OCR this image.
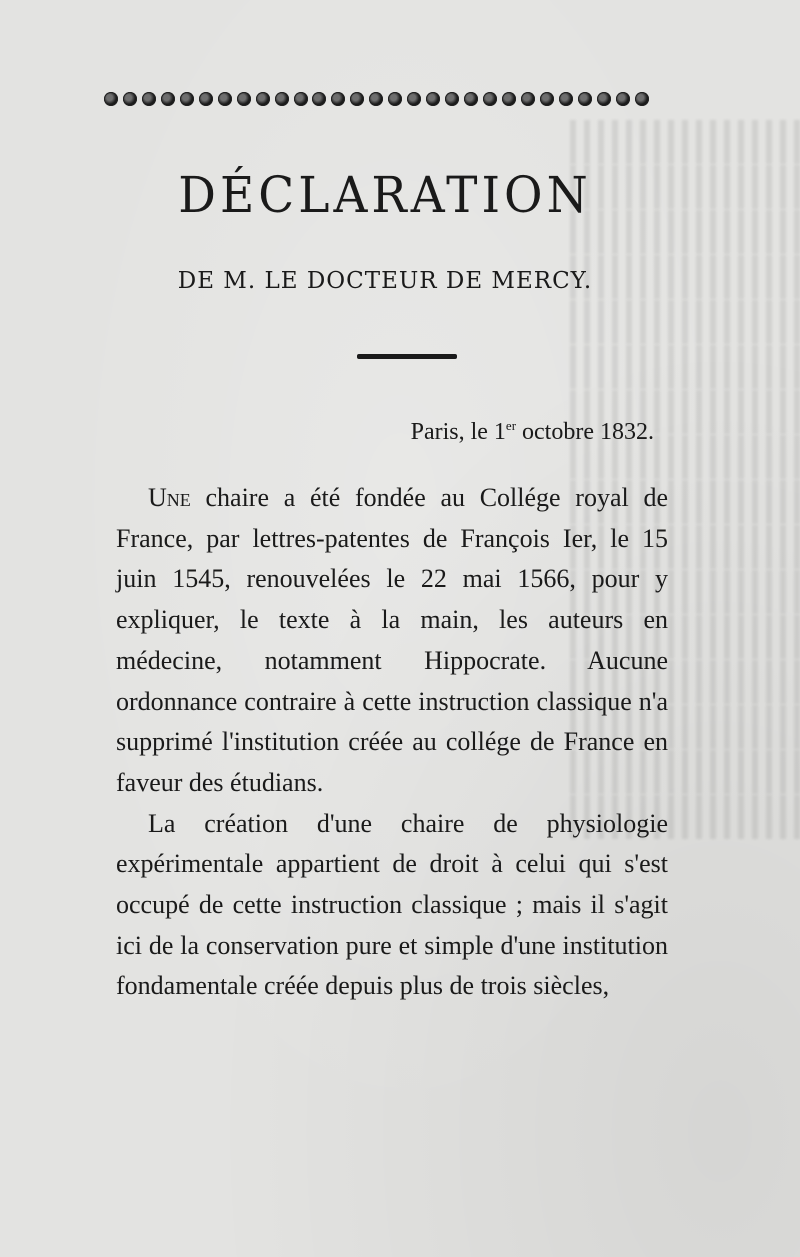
DÉCLARATION
DE M. LE DOCTEUR DE MERCY.
Paris, le 1er octobre 1832.

Une chaire a été fondée au Collége royal de France, par lettres-patentes de François Ier, le 15 juin 1545, renouvelées le 22 mai 1566, pour y expliquer, le texte à la main, les auteurs en médecine, notamment Hippocrate. Aucune ordonnance contraire à cette instruction classique n'a supprimé l'institution créée au collége de France en faveur des étudians.

La création d'une chaire de physiologie expérimentale appartient de droit à celui qui s'est occupé de cette instruction classique ; mais il s'agit ici de la conservation pure et simple d'une institution fondamentale créée depuis plus de trois siècles,
